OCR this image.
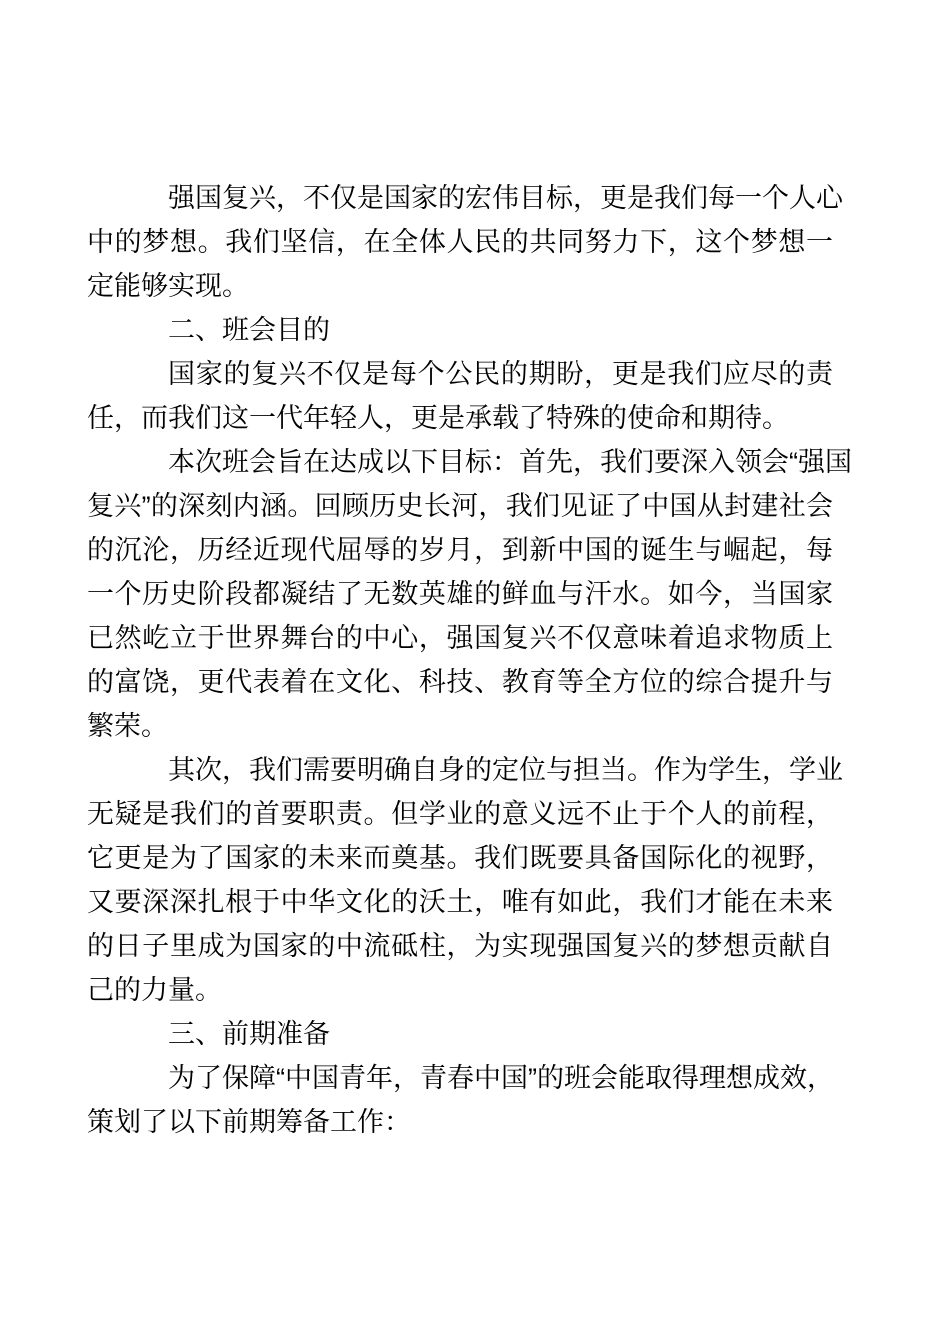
强国复兴，不仅是国家的宏伟目标，更是我们每一个人心
中的梦想。我们坚信，在全体人民的共同努力下，这个梦想一
定能够实现。
二、班会目的
国家的复兴不仅是每个公民的期盼，更是我们应尽的责
任，而我们这一代年轻人，更是承载了特殊的使命和期待。
本次班会旨在达成以下目标：首先，我们要深入领会“强国
复兴”的深刻内涵。回顾历史长河，我们见证了中国从封建社会
的沉沦，历经近现代屈辱的岁月，到新中国的诞生与崛起，每
一个历史阶段都凝结了无数英雄的鲜血与汗水。如今，当国家
已然屹立于世界舞台的中心，强国复兴不仅意味着追求物质上
的富饶，更代表着在文化、科技、教育等全方位的综合提升与
繁荣。
其次，我们需要明确自身的定位与担当。作为学生，学业
无疑是我们的首要职责。但学业的意义远不止于个人的前程，
它更是为了国家的未来而奠基。我们既要具备国际化的视野，
又要深深扎根于中华文化的沃土，唯有如此，我们才能在未来
的日子里成为国家的中流砥柱，为实现强国复兴的梦想贡献自
己的力量。
三、前期准备
为了保障“中国青年，青春中国”的班会能取得理想成效，
策划了以下前期筹备工作：
